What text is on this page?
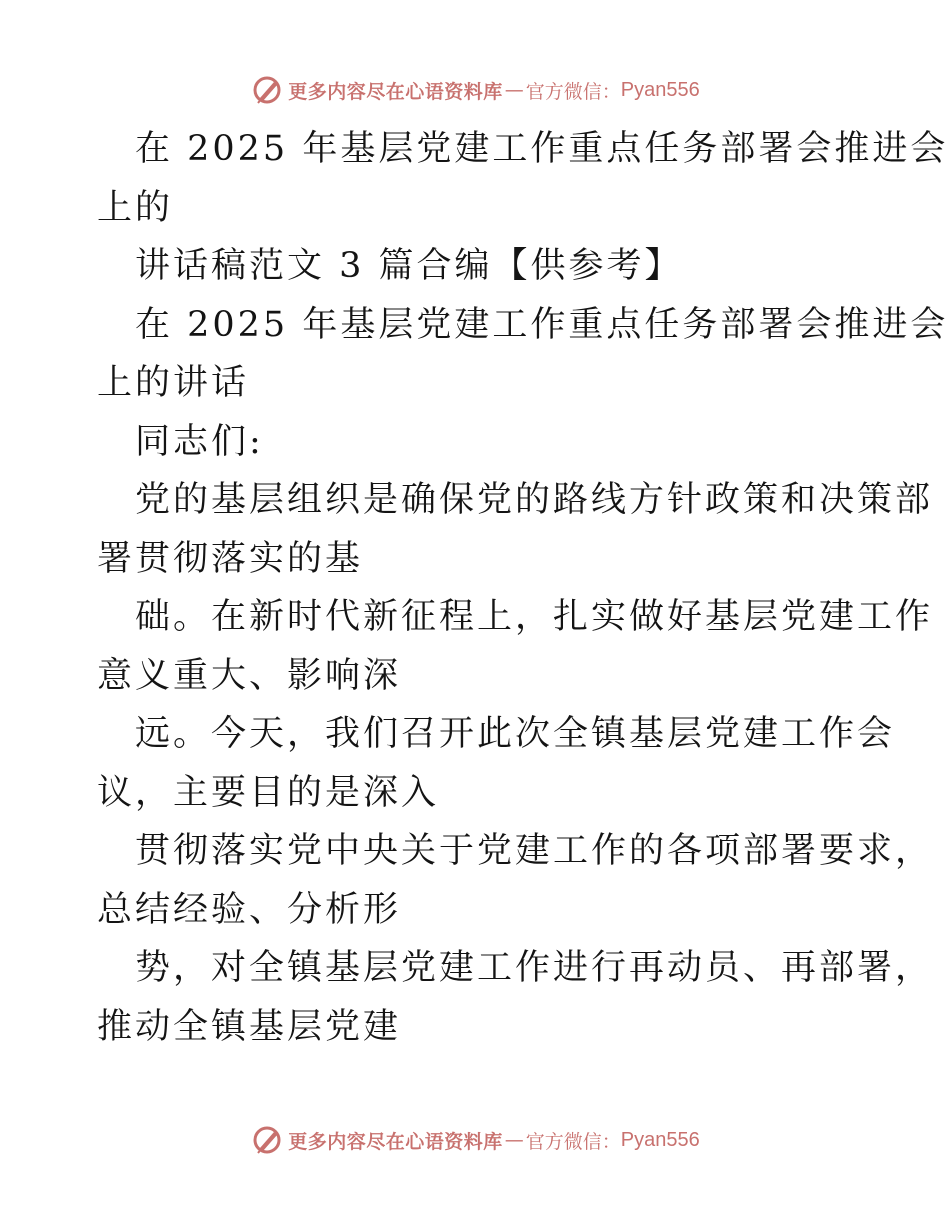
更多内容尽在心语资料库 — 官方微信： Pyan556

在 2025 年基层党建工作重点任务部署会推进会
上的

讲话稿范文 3 篇合编【供参考】

在 2025 年基层党建工作重点任务部署会推进会
上的讲话

同志们:

党的基层组织是确保党的路线方针政策和决策部
署贯彻落实的基

础。在新时代新征程上，扎实做好基层党建工作
意义重大、影响深

远。今天，我们召开此次全镇基层党建工作会
议，主要目的是深入

贯彻落实党中央关于党建工作的各项部署要求，
总结经验、分析形

势，对全镇基层党建工作进行再动员、再部署，
推动全镇基层党建

更多内容尽在心语资料库 — 官方微信： Pyan556
